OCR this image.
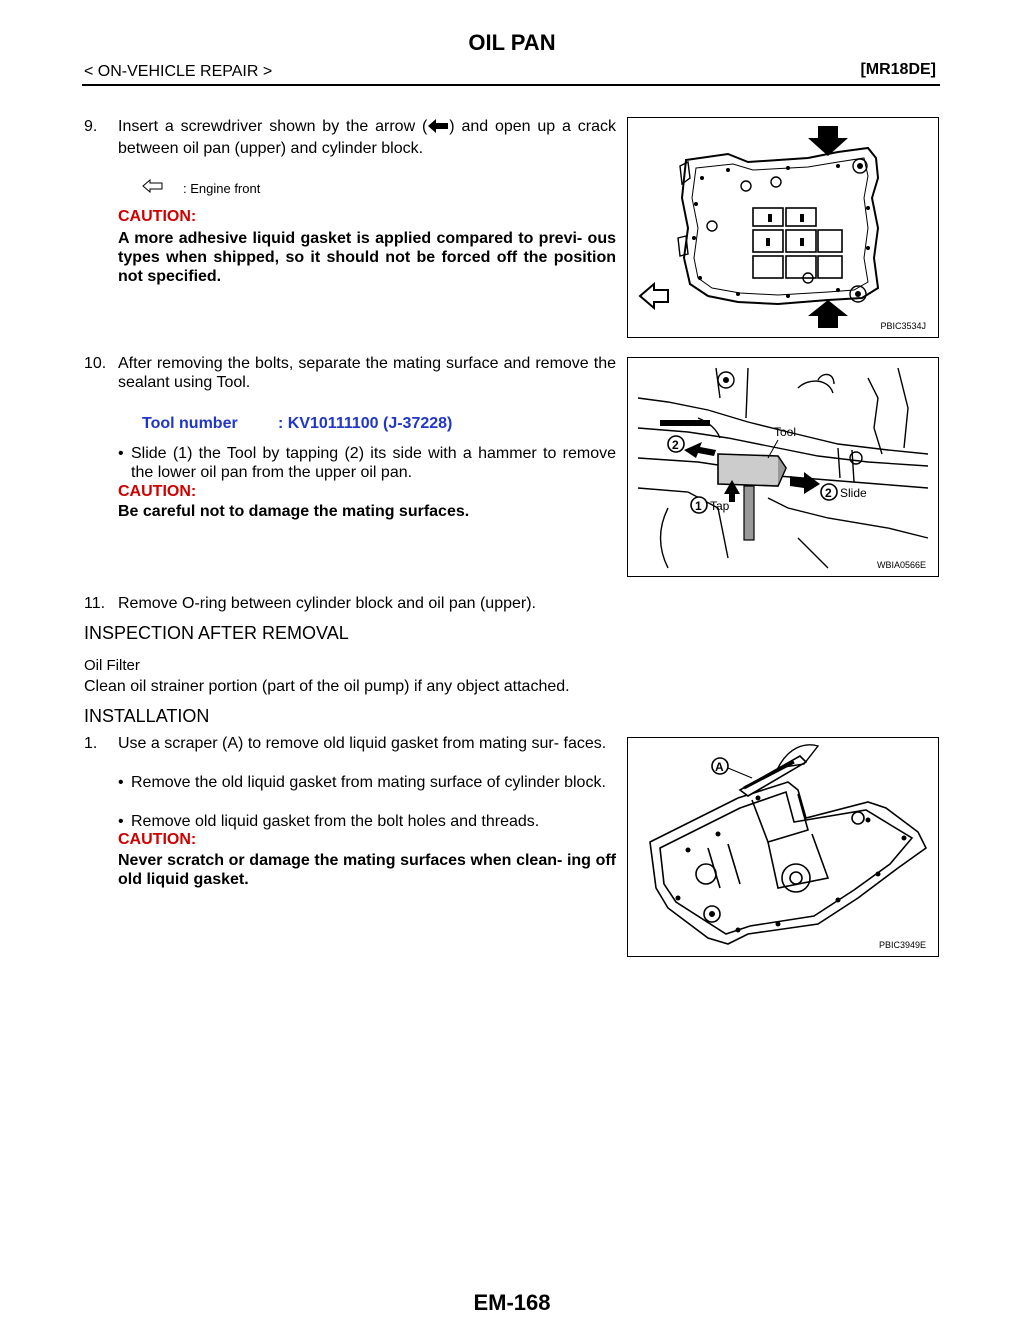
OIL PAN
< ON-VEHICLE REPAIR >	[MR18DE]
9.	Insert a screwdriver shown by the arrow ( ) and open up a crack between oil pan (upper) and cylinder block.
: Engine front
CAUTION:
A more adhesive liquid gasket is applied compared to previ- ous types when shipped, so it should not be forced off the position not specified.
PBIC3534J
10. After removing the bolts, separate the mating surface and remove the sealant using Tool.
Tool number	: KV10111100 (J-37228)
• Slide (1) the Tool by tapping (2) its side with a hammer to remove the lower oil pan from the upper oil pan.
CAUTION:
Be careful not to damage the mating surfaces.
Tool
2
2 Slide
1 Tap
WBIA0566E
11. Remove O-ring between cylinder block and oil pan (upper).
INSPECTION AFTER REMOVAL
Oil Filter
Clean oil strainer portion (part of the oil pump) if any object attached.
INSTALLATION
1.	Use a scraper (A) to remove old liquid gasket from mating sur- faces.
• Remove the old liquid gasket from mating surface of cylinder block.
• Remove old liquid gasket from the bolt holes and threads.
CAUTION:
Never scratch or damage the mating surfaces when clean- ing off old liquid gasket.
A
PBIC3949E
EM-168
